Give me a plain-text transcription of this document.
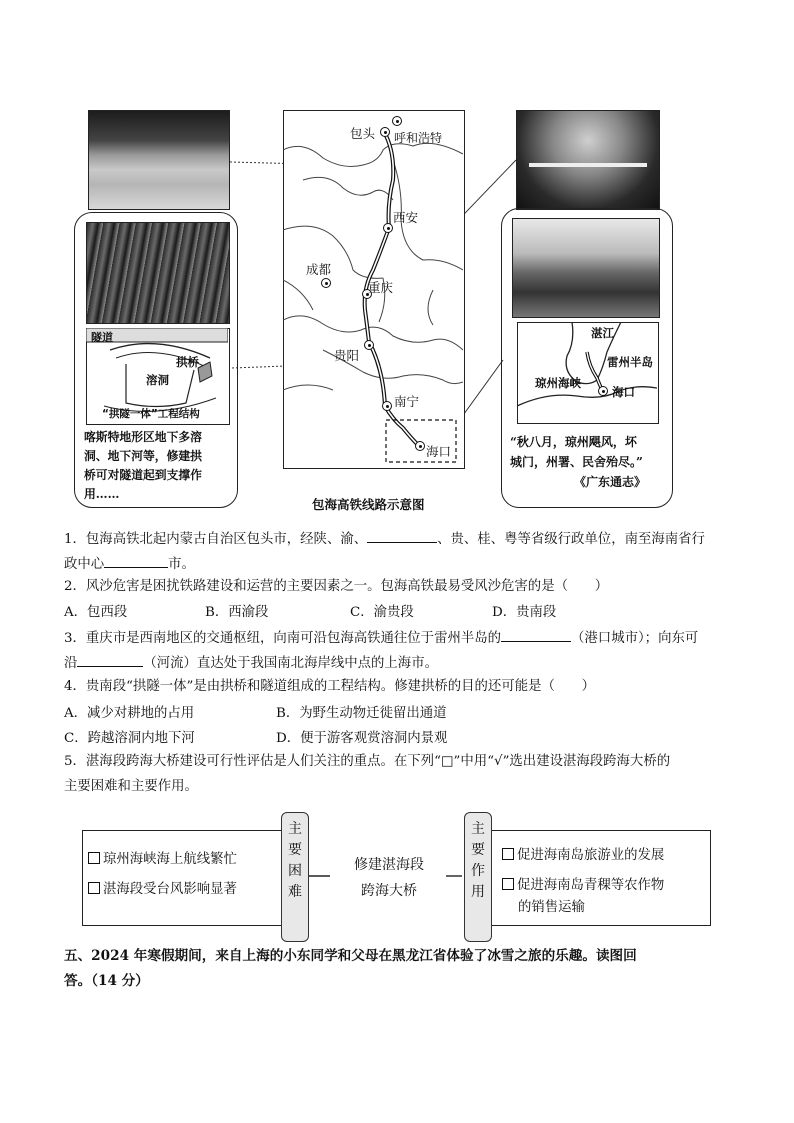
隧道
拱桥
溶洞
“拱隧一体”工程结构
喀斯特地形区地下多溶
洞、地下河等，修建拱
桥可对隧道起到支撑作
用……
包头 呼和浩特
西安
成都
重庆
贵阳
南宁
海口
包海高铁线路示意图
湛江
雷州半岛
琼州海峡
海口
“秋八月，琼州飓风，坏
城门，州署、民舍殆尽。”
《广东通志》
1．包海高铁北起内蒙古自治区包头市，经陕、渝、	、贵、桂、粤等省级行政单位，南至海南省行
政中心	市。
2．风沙危害是困扰铁路建设和运营的主要因素之一。包海高铁最易受风沙危害的是（　　）
A．包西段	B．西渝段	C．渝贵段	D．贵南段
3．重庆市是西南地区的交通枢纽，向南可沿包海高铁通往位于雷州半岛的	（港口城市）；向东可
沿	（河流）直达处于我国南北海岸线中点的上海市。
4．贵南段“拱隧一体”是由拱桥和隧道组成的工程结构。修建拱桥的目的还可能是（　　）
A．减少对耕地的占用	B．为野生动物迁徙留出通道
C．跨越溶洞内地下河	D．便于游客观赏溶洞内景观
5．湛海段跨海大桥建设可行性评估是人们关注的重点。在下列“□”中用“√”选出建设湛海段跨海大桥的
主要困难和主要作用。
琼州海峡海上航线繁忙
湛海段受台风影响显著
主
要
困
难
修建湛海段
跨海大桥
主
要
作
用
促进海南岛旅游业的发展
促进海南岛青稞等农作物
的销售运输
五、2024 年寒假期间，来自上海的小东同学和父母在黑龙江省体验了冰雪之旅的乐趣。读图回
答。（14 分）
